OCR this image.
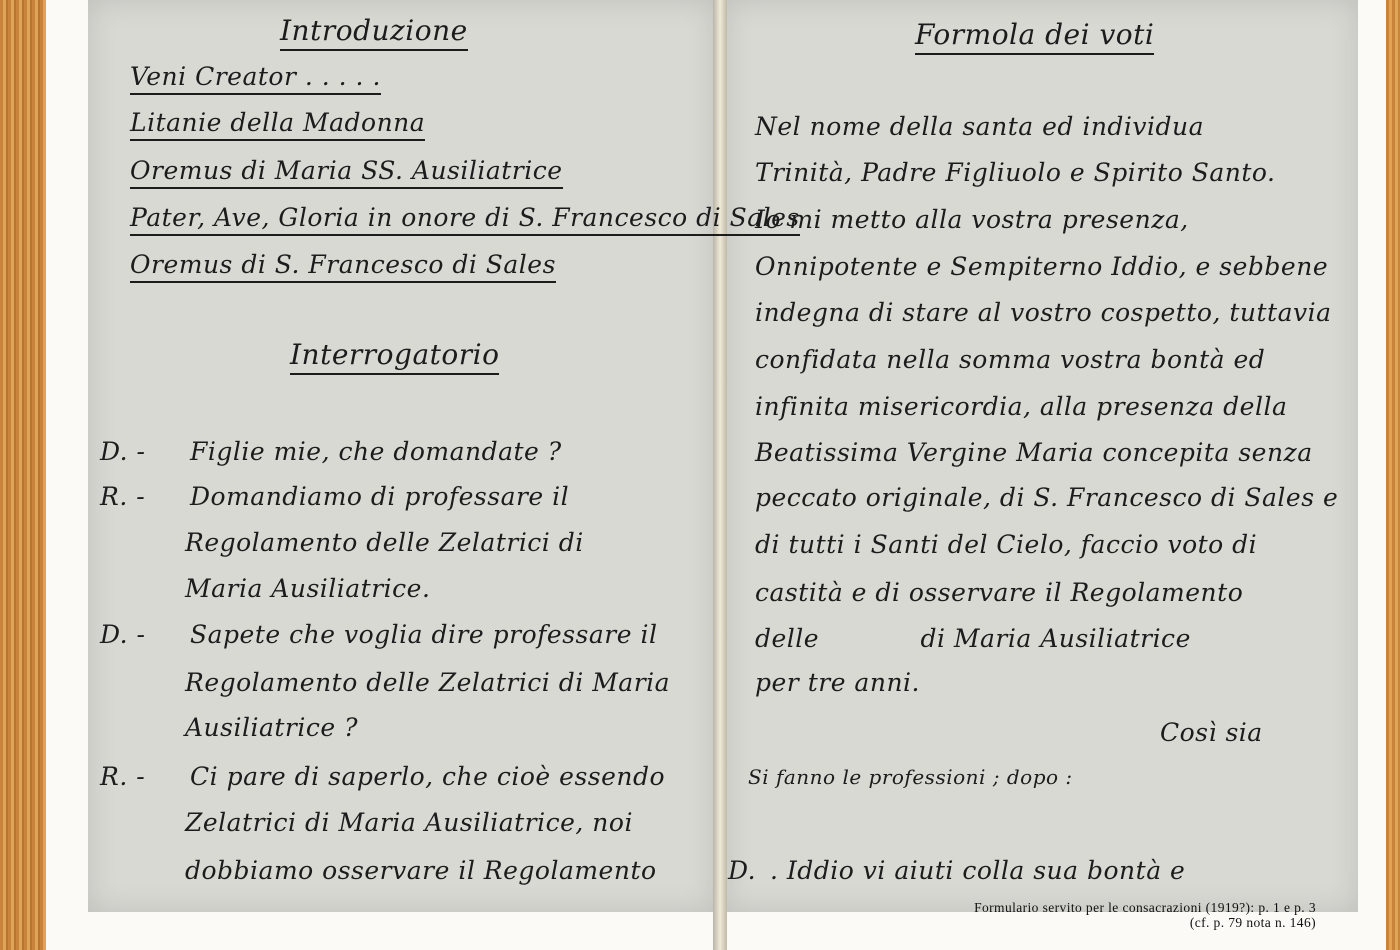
Introduzione
Veni Creator . . . . .
Litanie della Madonna
Oremus di Maria SS. Ausiliatrice
Pater, Ave, Gloria in onore di S. Francesco di Sales
Oremus di S. Francesco di Sales
Interrogatorio
D. - Figlie mie, che domandate ?
R. - Domandiamo di professare il
Regolamento delle Zelatrici di
Maria Ausiliatrice.
D. - Sapete che voglia dire professare il
Regolamento delle Zelatrici di Maria
Ausiliatrice ?
R. - Ci pare di saperlo, che cioè essendo
Zelatrici di Maria Ausiliatrice, noi
dobbiamo osservare il Regolamento
Formola dei voti
Nel nome della santa ed individua
Trinità, Padre Figliuolo e Spirito Santo.
Io mi metto alla vostra presenza,
Onnipotente e Sempiterno Iddio, e sebbene
indegna di stare al vostro cospetto, tuttavia
confidata nella somma vostra bontà ed
infinita misericordia, alla presenza della
Beatissima Vergine Maria concepita senza
peccato originale, di S. Francesco di Sales e
di tutti i Santi del Cielo, faccio voto di
castità e di osservare il Regolamento
delle            di Maria Ausiliatrice
per tre anni.
Così sia
Si fanno le professioni ; dopo :
D. . Iddio vi aiuti colla sua bontà e
Formulario servito per le consacrazioni (1919?): p. 1 e p. 3
(cf. p. 79 nota n. 146)
